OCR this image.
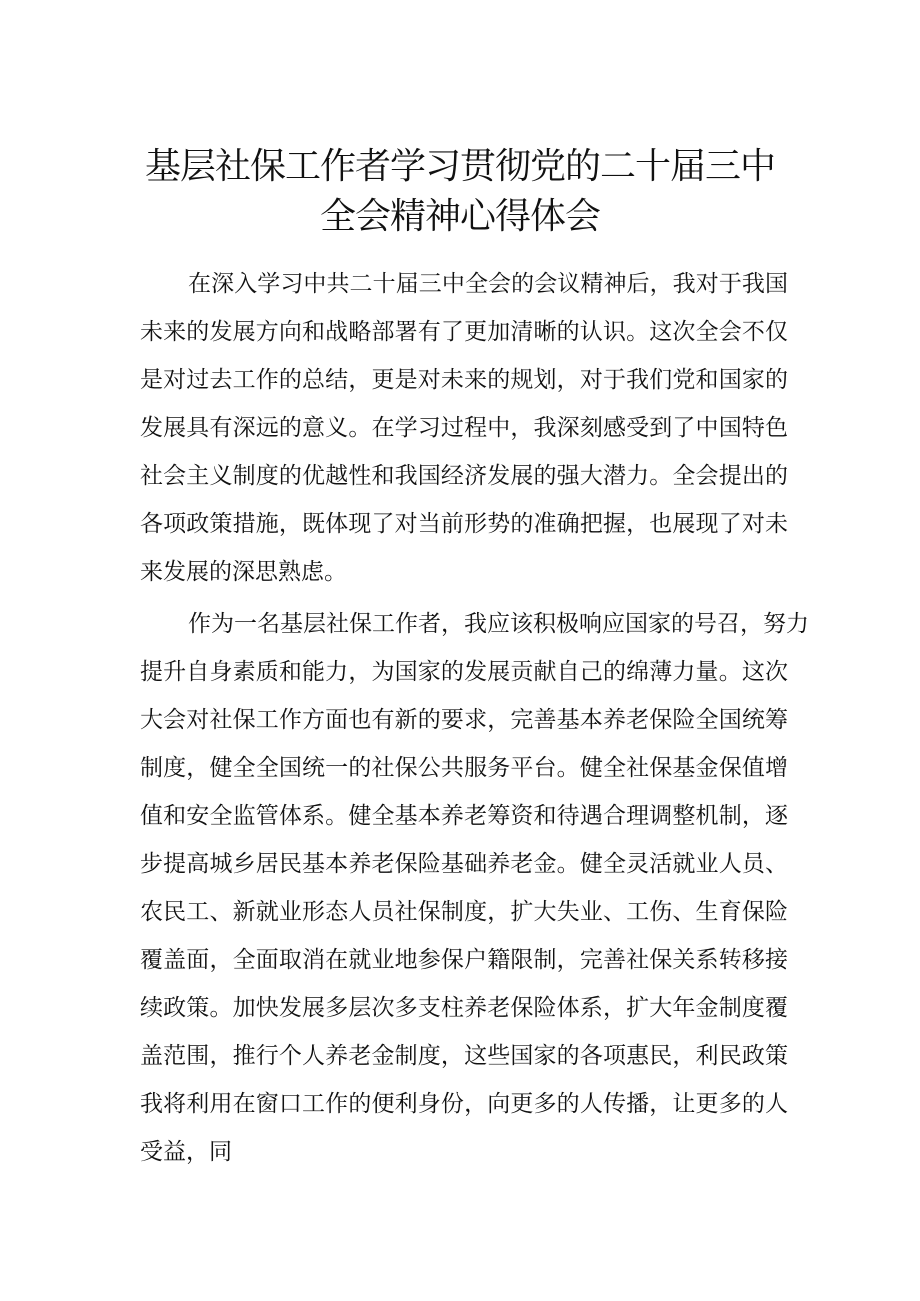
基层社保工作者学习贯彻党的二十届三中
全会精神心得体会
在深入学习中共二十届三中全会的会议精神后，我对于我国
未来的发展方向和战略部署有了更加清晰的认识。这次全会不仅
是对过去工作的总结，更是对未来的规划，对于我们党和国家的
发展具有深远的意义。在学习过程中，我深刻感受到了中国特色
社会主义制度的优越性和我国经济发展的强大潜力。全会提出的
各项政策措施，既体现了对当前形势的准确把握，也展现了对未
来发展的深思熟虑。
作为一名基层社保工作者，我应该积极响应国家的号召，努力
提升自身素质和能力，为国家的发展贡献自己的绵薄力量。这次
大会对社保工作方面也有新的要求，完善基本养老保险全国统筹
制度，健全全国统一的社保公共服务平台。健全社保基金保值增
值和安全监管体系。健全基本养老筹资和待遇合理调整机制，逐
步提高城乡居民基本养老保险基础养老金。健全灵活就业人员、
农民工、新就业形态人员社保制度，扩大失业、工伤、生育保险
覆盖面，全面取消在就业地参保户籍限制，完善社保关系转移接
续政策。加快发展多层次多支柱养老保险体系，扩大年金制度覆
盖范围，推行个人养老金制度，这些国家的各项惠民，利民政策
我将利用在窗口工作的便利身份，向更多的人传播，让更多的人
受益，同
